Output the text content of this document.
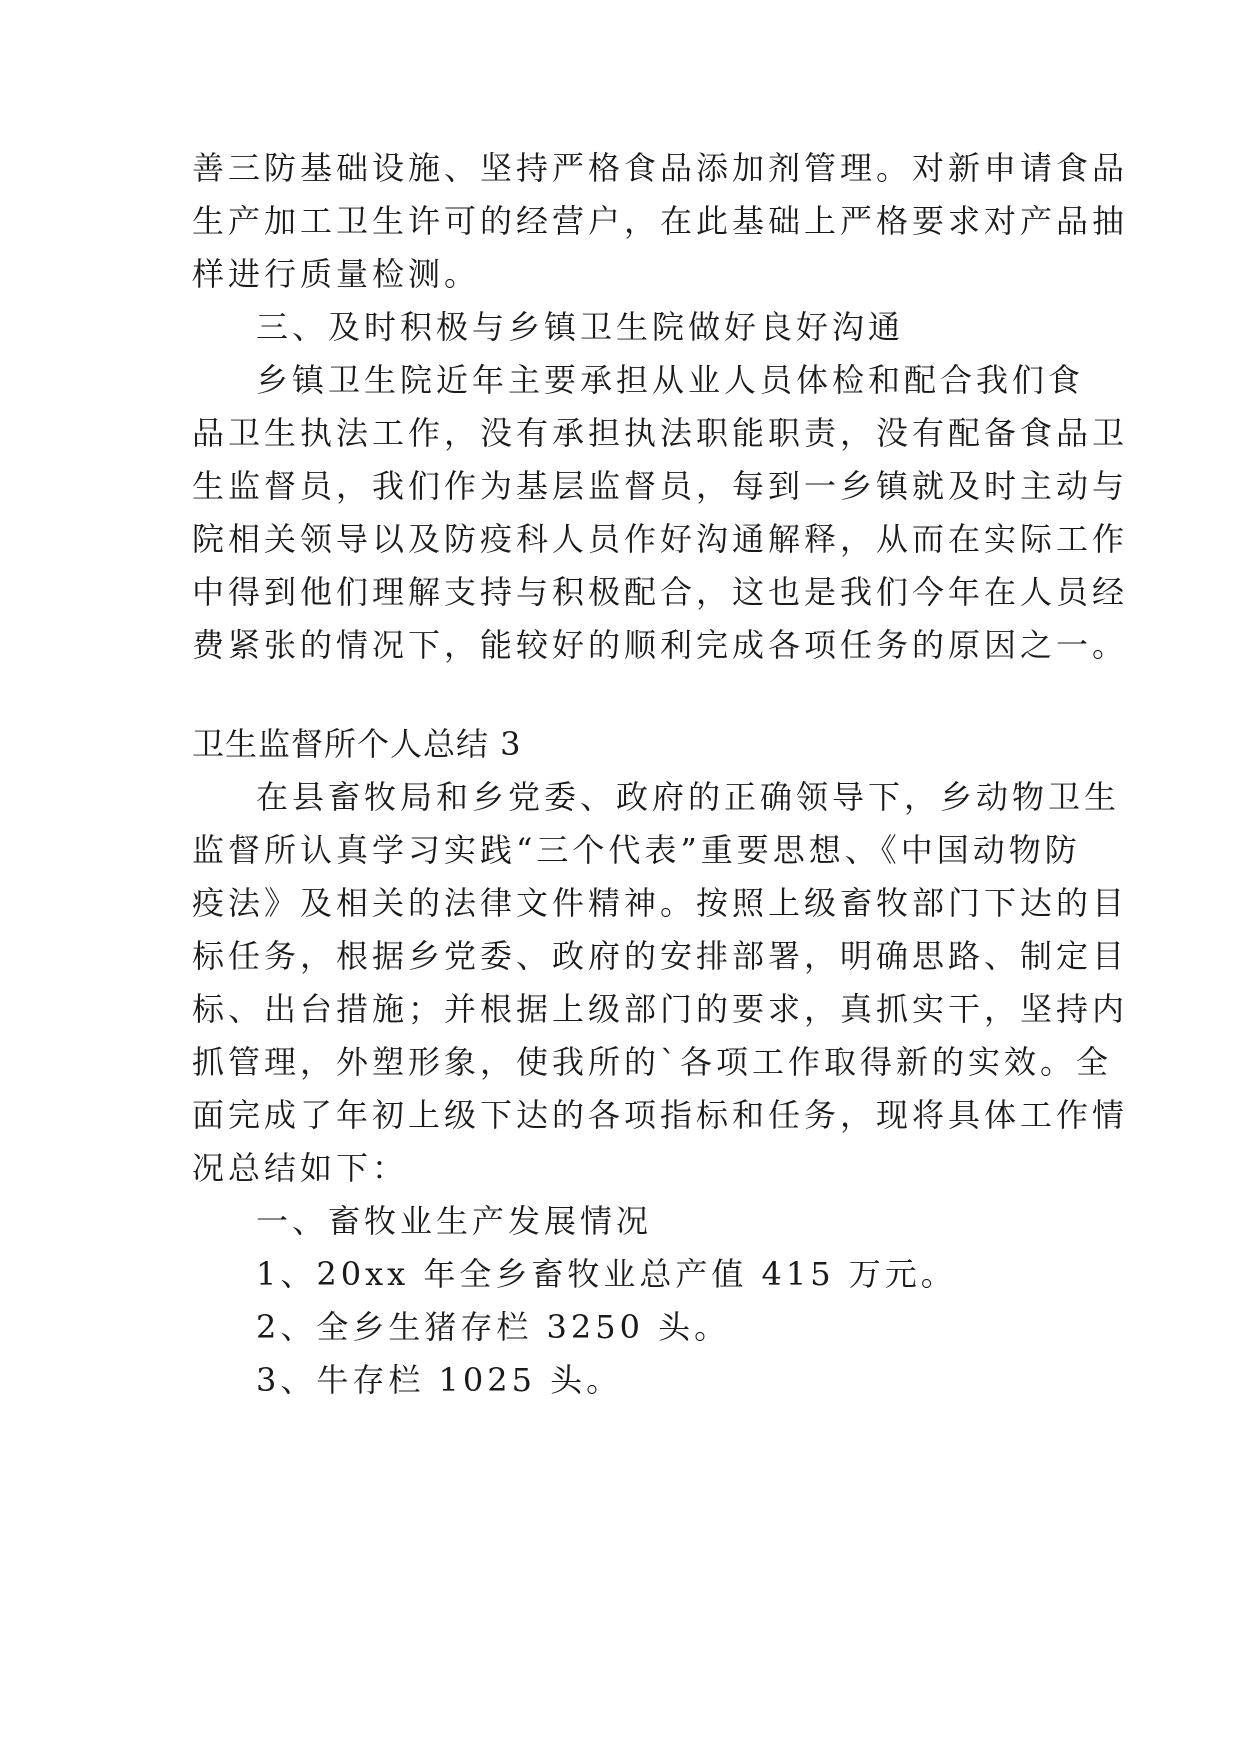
善三防基础设施、坚持严格食品添加剂管理。对新申请食品
生产加工卫生许可的经营户，在此基础上严格要求对产品抽
样进行质量检测。
三、及时积极与乡镇卫生院做好良好沟通
乡镇卫生院近年主要承担从业人员体检和配合我们食
品卫生执法工作，没有承担执法职能职责，没有配备食品卫
生监督员，我们作为基层监督员，每到一乡镇就及时主动与
院相关领导以及防疫科人员作好沟通解释，从而在实际工作
中得到他们理解支持与积极配合，这也是我们今年在人员经
费紧张的情况下，能较好的顺利完成各项任务的原因之一。
卫生监督所个人总结 3
在县畜牧局和乡党委、政府的正确领导下，乡动物卫生
监督所认真学习实践“三个代表”重要思想、《中国动物防
疫法》及相关的法律文件精神。按照上级畜牧部门下达的目
标任务，根据乡党委、政府的安排部署，明确思路、制定目
标、出台措施；并根据上级部门的要求，真抓实干，坚持内
抓管理，外塑形象，使我所的`各项工作取得新的实效。全
面完成了年初上级下达的各项指标和任务，现将具体工作情
况总结如下：
一、畜牧业生产发展情况
1、20xx 年全乡畜牧业总产值 415 万元。
2、全乡生猪存栏 3250 头。
3、牛存栏 1025 头。
